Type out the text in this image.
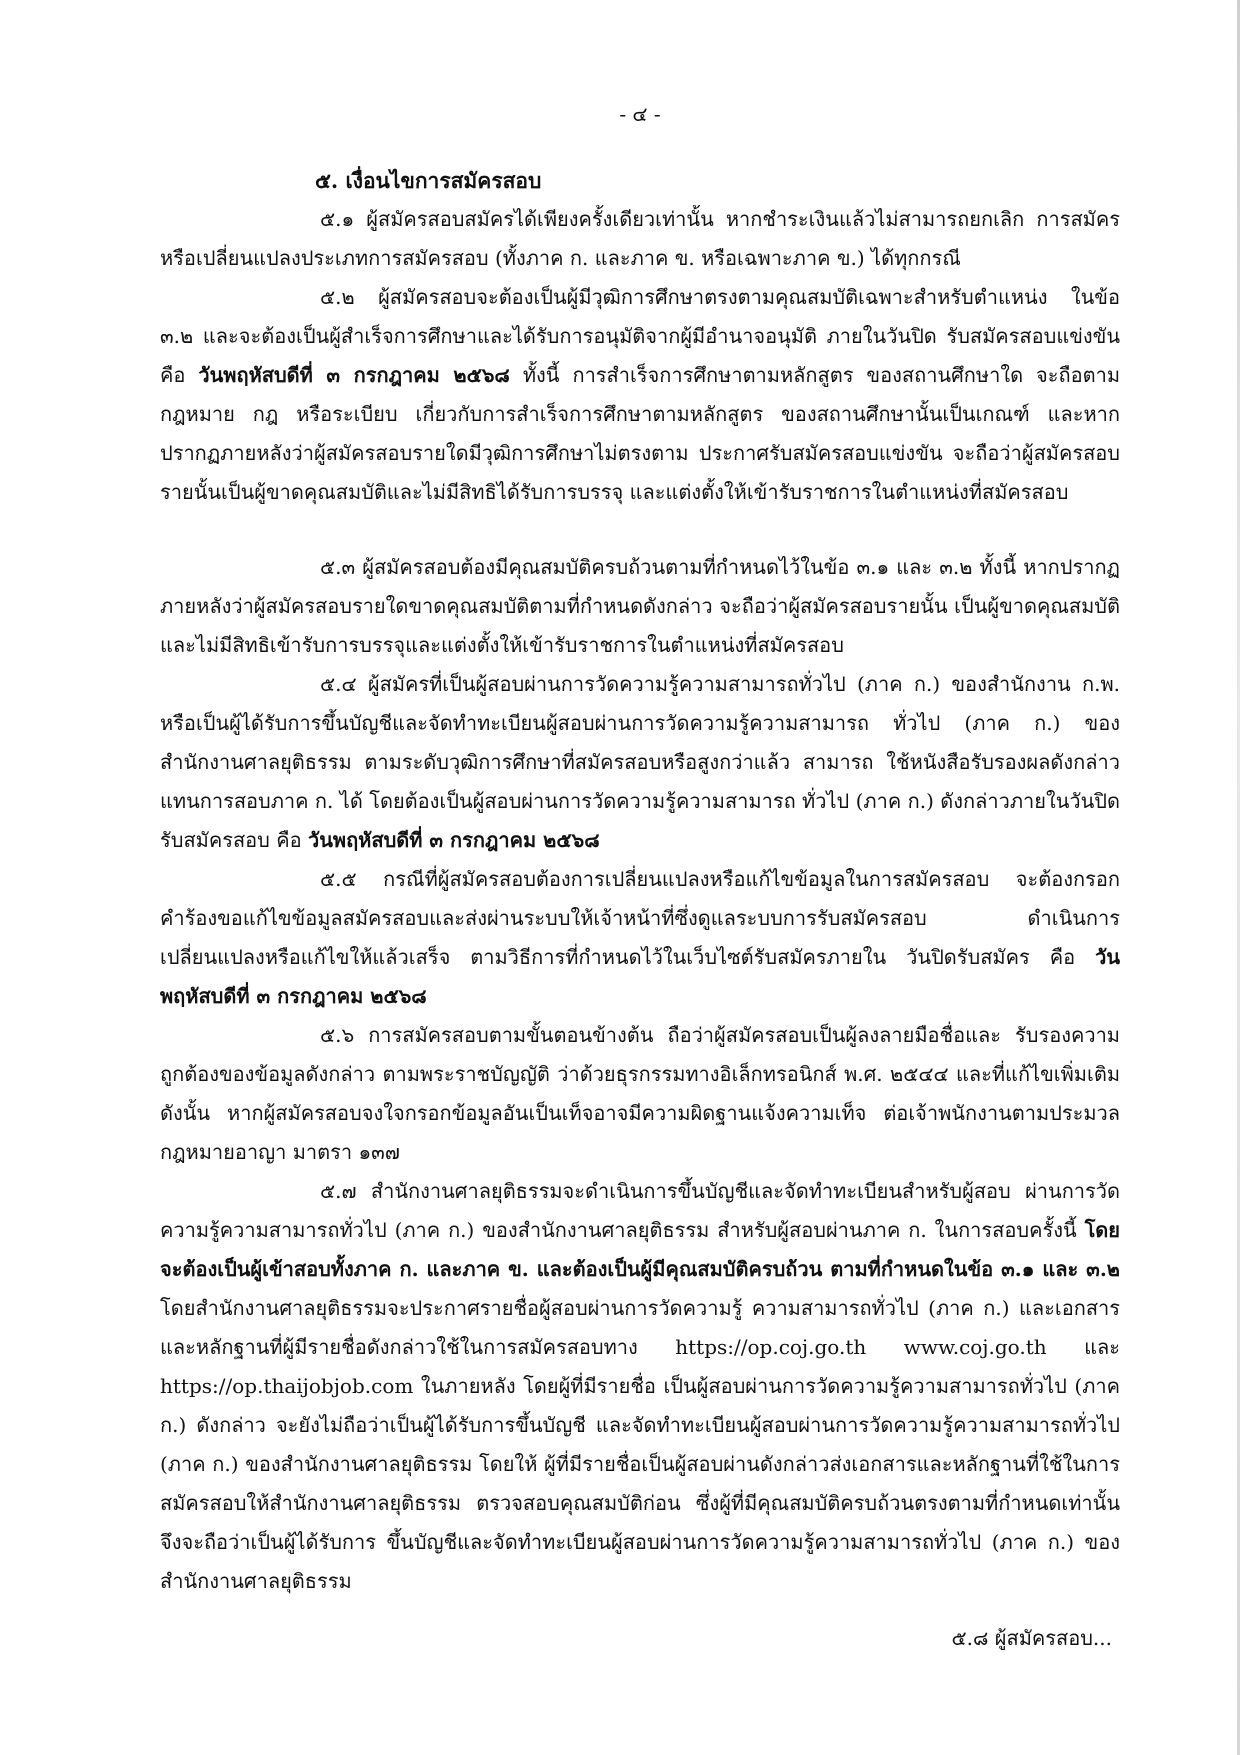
- ๔ -
๕. เงื่อนไขการสมัครสอบ

๕.๑ ผู้สมัครสอบสมัครได้เพียงครั้งเดียวเท่านั้น หากชำระเงินแล้วไม่สามารถยกเลิก การสมัคร หรือเปลี่ยนแปลงประเภทการสมัครสอบ (ทั้งภาค ก. และภาค ข. หรือเฉพาะภาค ข.) ได้ทุกกรณี

๕.๒ ผู้สมัครสอบจะต้องเป็นผู้มีวุฒิการศึกษาตรงตามคุณสมบัติเฉพาะสำหรับตำแหน่ง ในข้อ ๓.๒ และจะต้องเป็นผู้สำเร็จการศึกษาและได้รับการอนุมัติจากผู้มีอำนาจอนุมัติ ภายในวันปิด รับสมัครสอบแข่งขัน คือ วันพฤหัสบดีที่ ๓ กรกฎาคม ๒๕๖๘ ทั้งนี้ การสำเร็จการศึกษาตามหลักสูตร ของสถานศึกษาใด จะถือตามกฎหมาย กฎ หรือระเบียบ เกี่ยวกับการสำเร็จการศึกษาตามหลักสูตร ของสถานศึกษานั้นเป็นเกณฑ์ และหากปรากฏภายหลังว่าผู้สมัครสอบรายใดมีวุฒิการศึกษาไม่ตรงตาม ประกาศรับสมัครสอบแข่งขัน จะถือว่าผู้สมัครสอบรายนั้นเป็นผู้ขาดคุณสมบัติและไม่มีสิทธิได้รับการบรรจุ และแต่งตั้งให้เข้ารับราชการในตำแหน่งที่สมัครสอบ

๕.๓ ผู้สมัครสอบต้องมีคุณสมบัติครบถ้วนตามที่กำหนดไว้ในข้อ ๓.๑ และ ๓.๒ ทั้งนี้ หากปรากฏภายหลังว่าผู้สมัครสอบรายใดขาดคุณสมบัติตามที่กำหนดดังกล่าว จะถือว่าผู้สมัครสอบรายนั้น เป็นผู้ขาดคุณสมบัติและไม่มีสิทธิเข้ารับการบรรจุและแต่งตั้งให้เข้ารับราชการในตำแหน่งที่สมัครสอบ

๕.๔ ผู้สมัครที่เป็นผู้สอบผ่านการวัดความรู้ความสามารถทั่วไป (ภาค ก.) ของสำนักงาน ก.พ. หรือเป็นผู้ได้รับการขึ้นบัญชีและจัดทำทะเบียนผู้สอบผ่านการวัดความรู้ความสามารถ ทั่วไป (ภาค ก.) ของสำนักงานศาลยุติธรรม ตามระดับวุฒิการศึกษาที่สมัครสอบหรือสูงกว่าแล้ว สามารถ ใช้หนังสือรับรองผลดังกล่าวแทนการสอบภาค ก. ได้ โดยต้องเป็นผู้สอบผ่านการวัดความรู้ความสามารถ ทั่วไป (ภาค ก.) ดังกล่าวภายในวันปิดรับสมัครสอบ คือ วันพฤหัสบดีที่ ๓ กรกฎาคม ๒๕๖๘

๕.๕ กรณีที่ผู้สมัครสอบต้องการเปลี่ยนแปลงหรือแก้ไขข้อมูลในการสมัครสอบ จะต้องกรอกคำร้องขอแก้ไขข้อมูลสมัครสอบและส่งผ่านระบบให้เจ้าหน้าที่ซึ่งดูแลระบบการรับสมัครสอบ ดำเนินการเปลี่ยนแปลงหรือแก้ไขให้แล้วเสร็จ ตามวิธีการที่กำหนดไว้ในเว็บไซต์รับสมัครภายใน วันปิดรับสมัคร คือ วันพฤหัสบดีที่ ๓ กรกฎาคม ๒๕๖๘

๕.๖ การสมัครสอบตามขั้นตอนข้างต้น ถือว่าผู้สมัครสอบเป็นผู้ลงลายมือชื่อและ รับรองความถูกต้องของข้อมูลดังกล่าว ตามพระราชบัญญัติ ว่าด้วยธุรกรรมทางอิเล็กทรอนิกส์ พ.ศ. ๒๕๔๔ และที่แก้ไขเพิ่มเติม ดังนั้น หากผู้สมัครสอบจงใจกรอกข้อมูลอันเป็นเท็จอาจมีความผิดฐานแจ้งความเท็จ ต่อเจ้าพนักงานตามประมวลกฎหมายอาญา มาตรา ๑๓๗

๕.๗ สำนักงานศาลยุติธรรมจะดำเนินการขึ้นบัญชีและจัดทำทะเบียนสำหรับผู้สอบ ผ่านการวัดความรู้ความสามารถทั่วไป (ภาค ก.) ของสำนักงานศาลยุติธรรม สำหรับผู้สอบผ่านภาค ก. ในการสอบครั้งนี้ โดยจะต้องเป็นผู้เข้าสอบทั้งภาค ก. และภาค ข. และต้องเป็นผู้มีคุณสมบัติครบถ้วน ตามที่กำหนดในข้อ ๓.๑ และ ๓.๒ โดยสำนักงานศาลยุติธรรมจะประกาศรายชื่อผู้สอบผ่านการวัดความรู้ ความสามารถทั่วไป (ภาค ก.) และเอกสารและหลักฐานที่ผู้มีรายชื่อดังกล่าวใช้ในการสมัครสอบทาง https://op.coj.go.th www.coj.go.th และ https://op.thaijobjob.com ในภายหลัง โดยผู้ที่มีรายชื่อ เป็นผู้สอบผ่านการวัดความรู้ความสามารถทั่วไป (ภาค ก.) ดังกล่าว จะยังไม่ถือว่าเป็นผู้ได้รับการขึ้นบัญชี และจัดทำทะเบียนผู้สอบผ่านการวัดความรู้ความสามารถทั่วไป (ภาค ก.) ของสำนักงานศาลยุติธรรม โดยให้ ผู้ที่มีรายชื่อเป็นผู้สอบผ่านดังกล่าวส่งเอกสารและหลักฐานที่ใช้ในการสมัครสอบให้สำนักงานศาลยุติธรรม ตรวจสอบคุณสมบัติก่อน ซึ่งผู้ที่มีคุณสมบัติครบถ้วนตรงตามที่กำหนดเท่านั้น จึงจะถือว่าเป็นผู้ได้รับการ ขึ้นบัญชีและจัดทำทะเบียนผู้สอบผ่านการวัดความรู้ความสามารถทั่วไป (ภาค ก.) ของสำนักงานศาลยุติธรรม

๕.๘ ผู้สมัครสอบ...
